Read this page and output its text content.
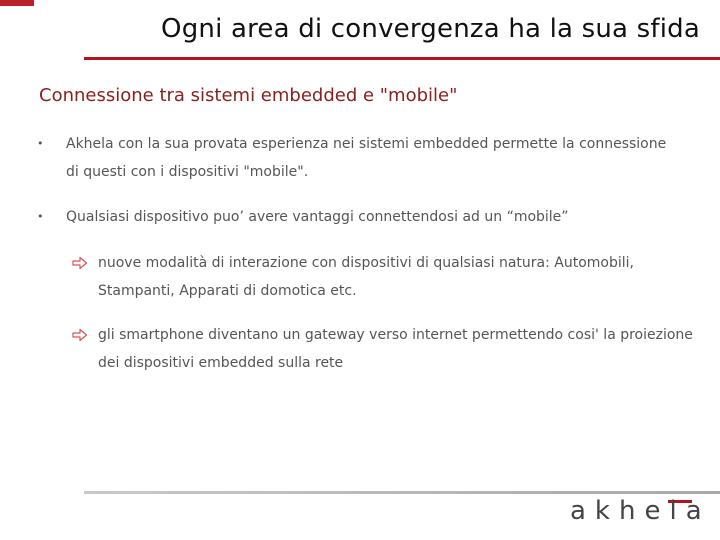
Ogni area di convergenza ha la sua sfida
Connessione tra sistemi embedded e "mobile"
• Akhela con la sua provata esperienza nei sistemi embedded permette la connessione di questi con i dispositivi "mobile".
• Qualsiasi dispositivo puo’ avere vantaggi connettendosi ad un “mobile”
nuove modalità di interazione con dispositivi di qualsiasi natura: Automobili, Stampanti, Apparati di domotica etc.
gli smartphone diventano un gateway verso internet permettendo cosi' la proiezione dei dispositivi embedded sulla rete
akhela
